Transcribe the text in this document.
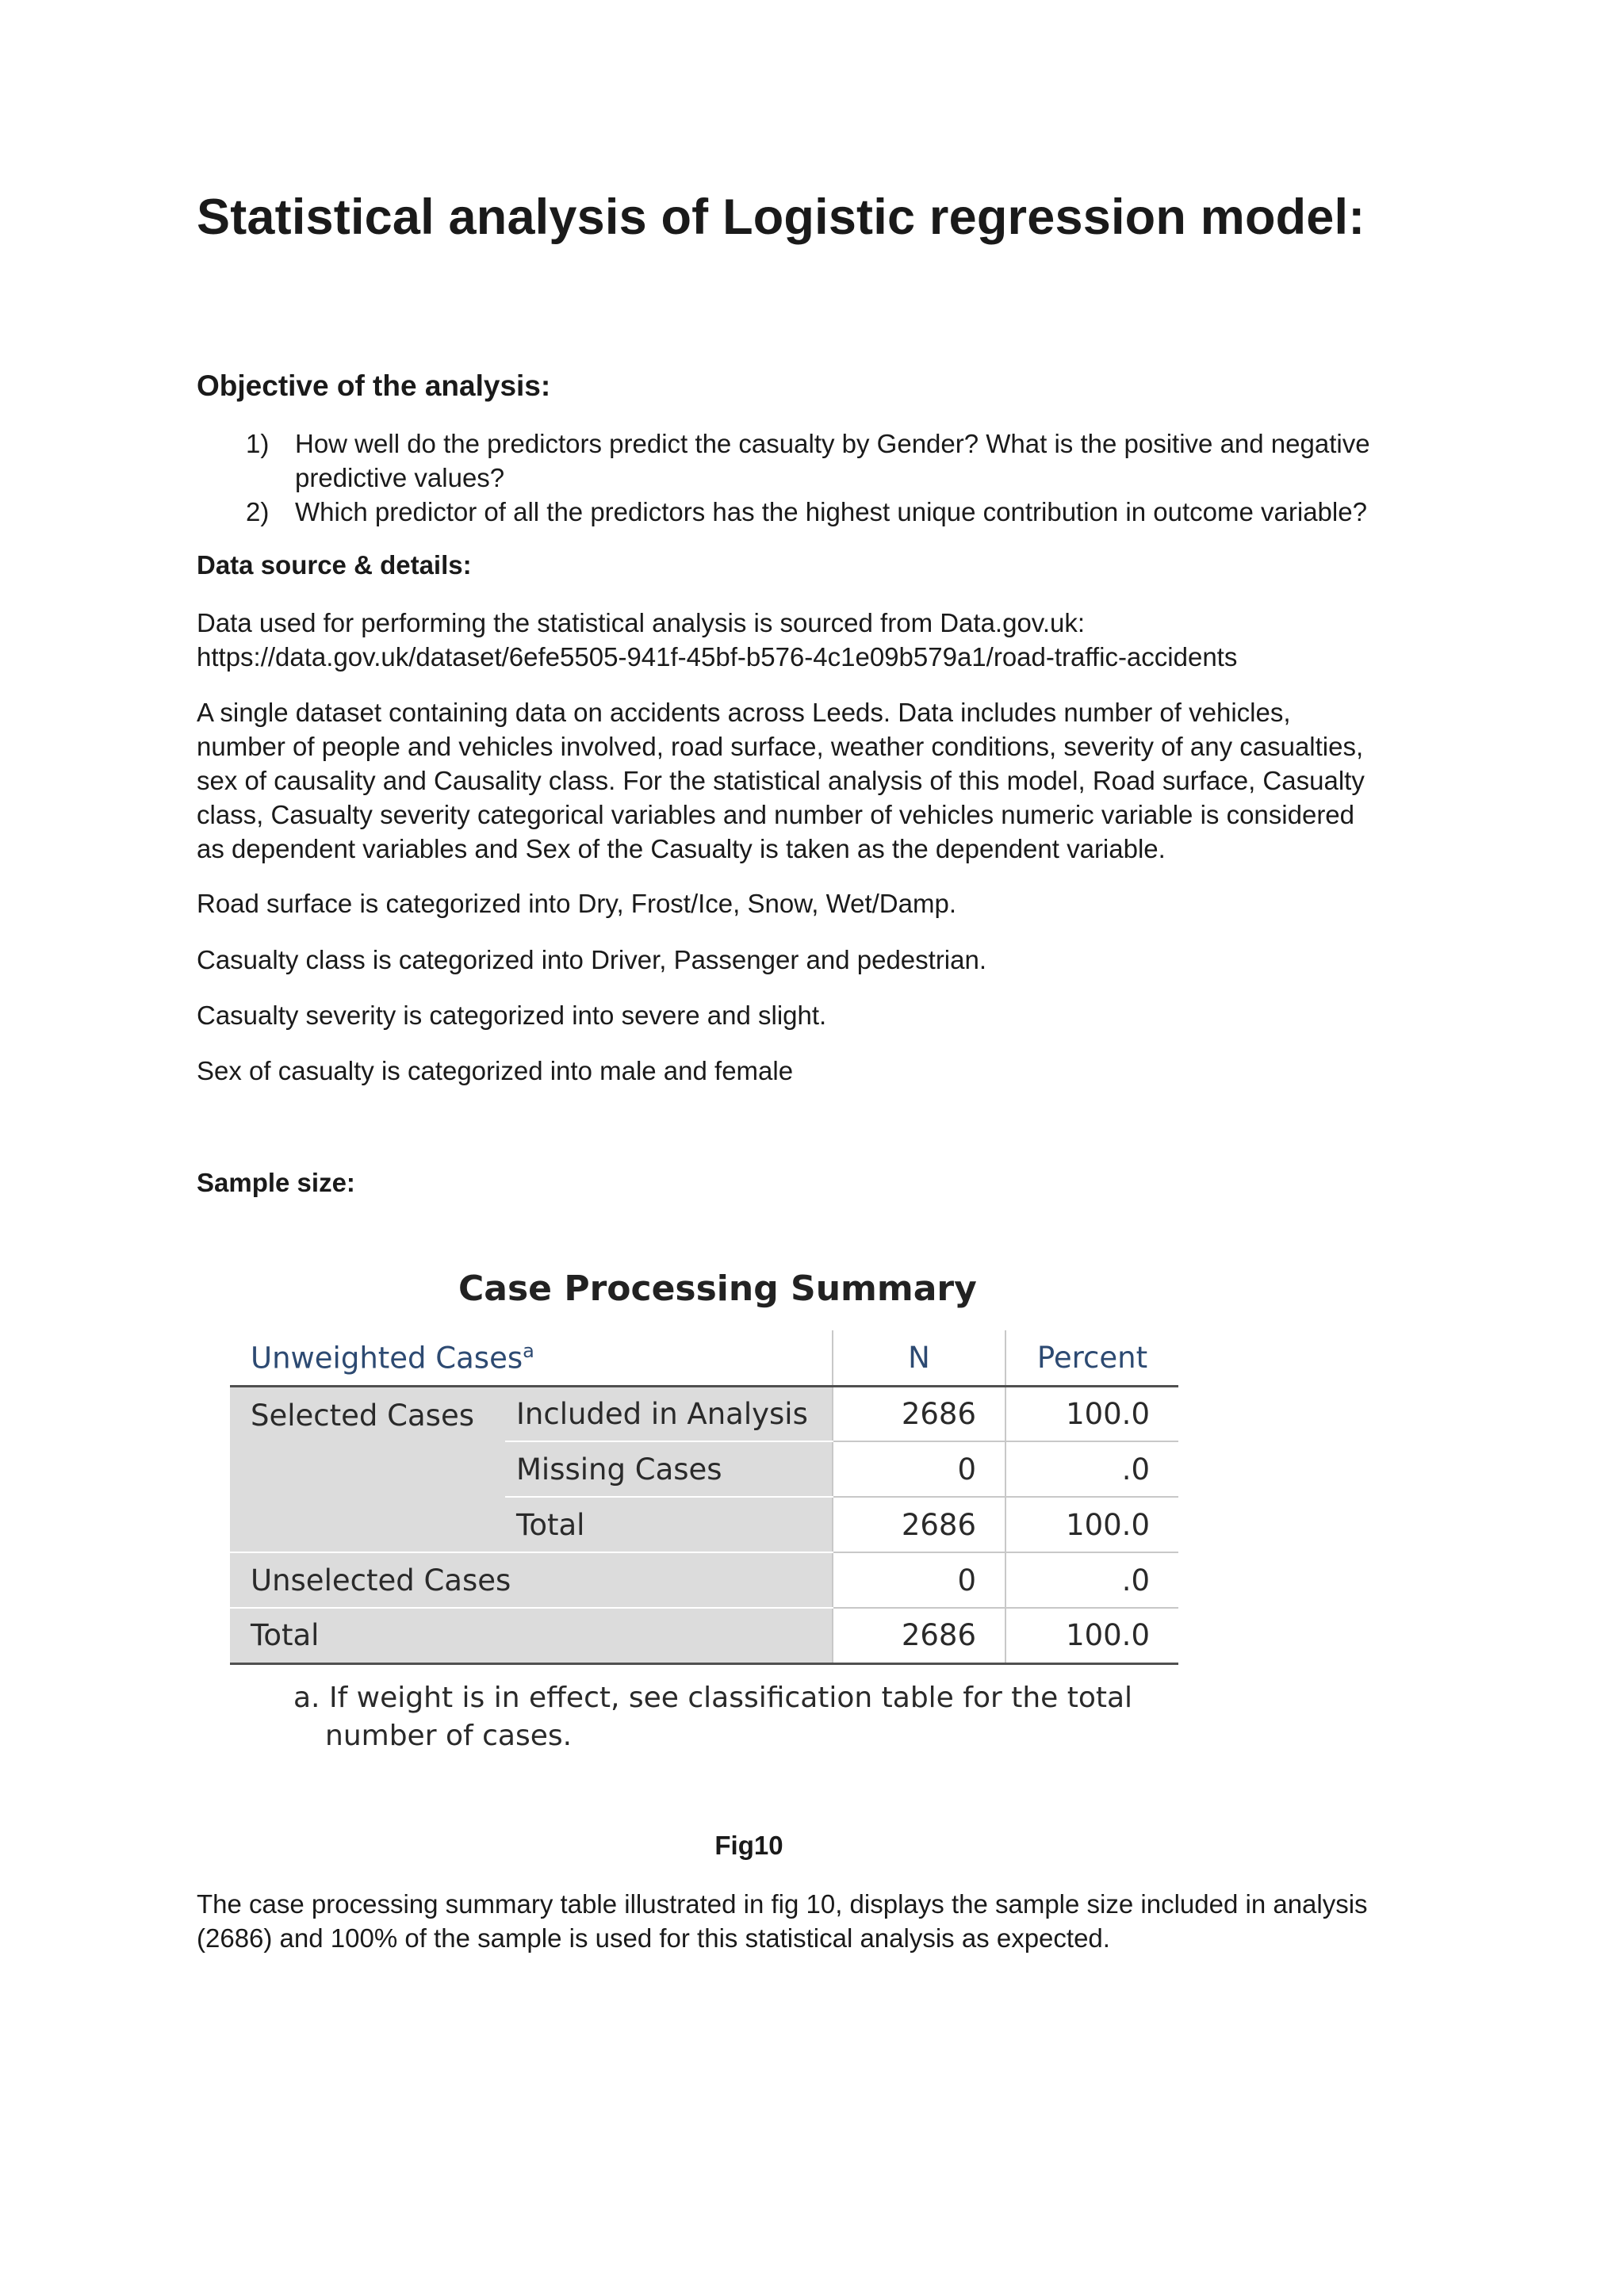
Statistical analysis of Logistic regression model:
Objective of the analysis:
1) How well do the predictors predict the casualty by Gender? What is the positive and negative
predictive values?
2) Which predictor of all the predictors has the highest unique contribution in outcome variable?
Data source & details:

Data used for performing the statistical analysis is sourced from Data.gov.uk:
https://data.gov.uk/dataset/6efe5505-941f-45bf-b576-4c1e09b579a1/road-traffic-accidents

A single dataset containing data on accidents across Leeds. Data includes number of vehicles,
number of people and vehicles involved, road surface, weather conditions, severity of any casualties,
sex of causality and Causality class. For the statistical analysis of this model, Road surface, Casualty
class, Casualty severity categorical variables and number of vehicles numeric variable is considered
as dependent variables and Sex of the Casualty is taken as the dependent variable.

Road surface is categorized into Dry, Frost/Ice, Snow, Wet/Damp.

Casualty class is categorized into Driver, Passenger and pedestrian.

Casualty severity is categorized into severe and slight.

Sex of casualty is categorized into male and female

Sample size:
Case Processing Summary
Unweighted Cases$^a$		N	Percent
Selected Cases	Included in Analysis	2686	100.0
	Missing Cases	0	.0
	Total	2686	100.0
Unselected Cases		0	.0
Total		2686	100.0

a. If weight is in effect, see classification table for the total
number of cases.

Fig10

The case processing summary table illustrated in fig 10, displays the sample size included in analysis
(2686) and 100% of the sample is used for this statistical analysis as expected.
